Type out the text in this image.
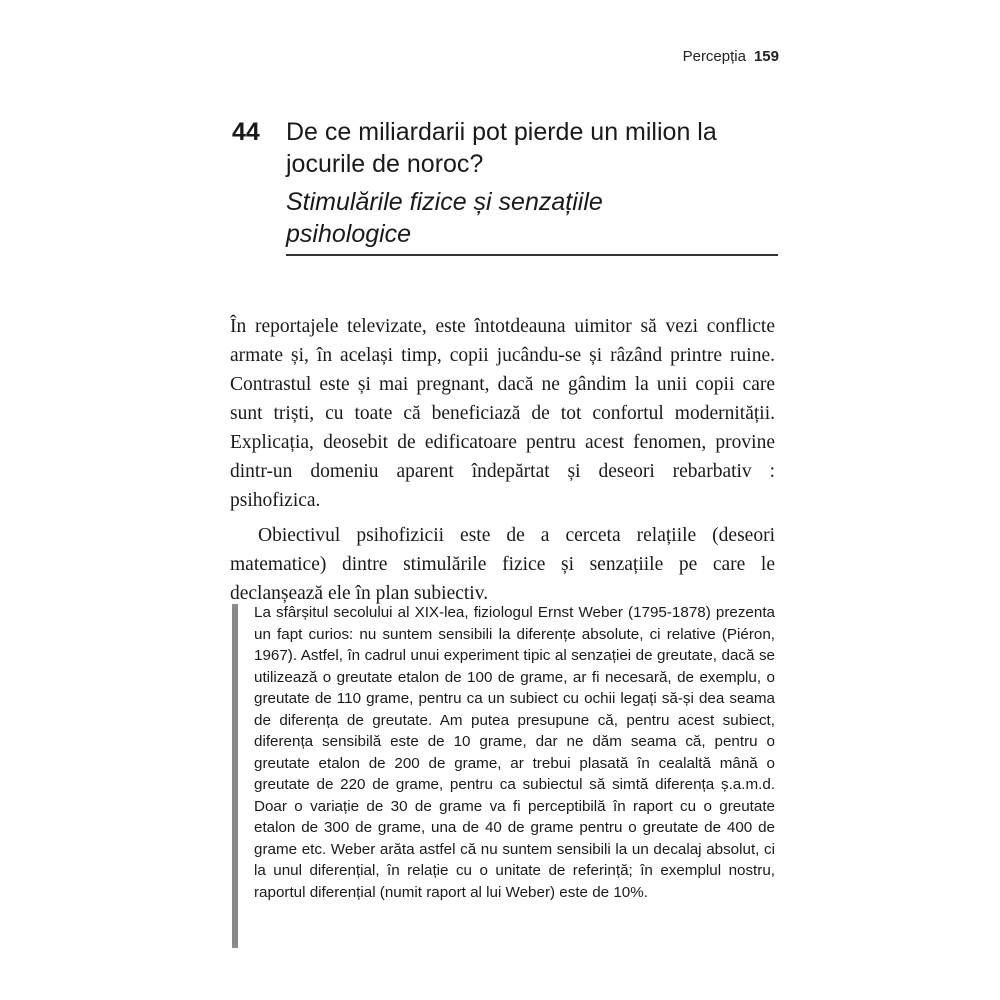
Percepția 159
44 De ce miliardarii pot pierde un milion la jocurile de noroc?
Stimulările fizice și senzațiile psihologice

În reportajele televizate, este întotdeauna uimitor să vezi conflicte armate și, în același timp, copii jucându-se și râzând printre ruine. Contrastul este și mai pregnant, dacă ne gândim la unii copii care sunt triști, cu toate că beneficiază de tot confortul modernității. Explicația, deosebit de edificatoare pentru acest fenomen, provine dintr-un domeniu aparent îndepărtat și deseori rebarbativ : psihofizica.

Obiectivul psihofizicii este de a cerceta relațiile (deseori matematice) dintre stimulările fizice și senzațiile pe care le declanșează ele în plan subiectiv.

La sfârșitul secolului al XIX-lea, fiziologul Ernst Weber (1795-1878) prezenta un fapt curios: nu suntem sensibili la diferențe absolute, ci relative (Piéron, 1967). Astfel, în cadrul unui experiment tipic al senzației de greutate, dacă se utilizează o greutate etalon de 100 de grame, ar fi necesară, de exemplu, o greutate de 110 grame, pentru ca un subiect cu ochii legați să-și dea seama de diferența de greutate. Am putea presupune că, pentru acest subiect, diferența sensibilă este de 10 grame, dar ne dăm seama că, pentru o greutate etalon de 200 de grame, ar trebui plasată în cealaltă mână o greutate de 220 de grame, pentru ca subiectul să simtă diferența ș.a.m.d. Doar o variație de 30 de grame va fi perceptibilă în raport cu o greutate etalon de 300 de grame, una de 40 de grame pentru o greutate de 400 de grame etc. Weber arăta astfel că nu suntem sensibili la un decalaj absolut, ci la unul diferențial, în relație cu o unitate de referință; în exemplul nostru, raportul diferențial (numit raport al lui Weber) este de 10%.
